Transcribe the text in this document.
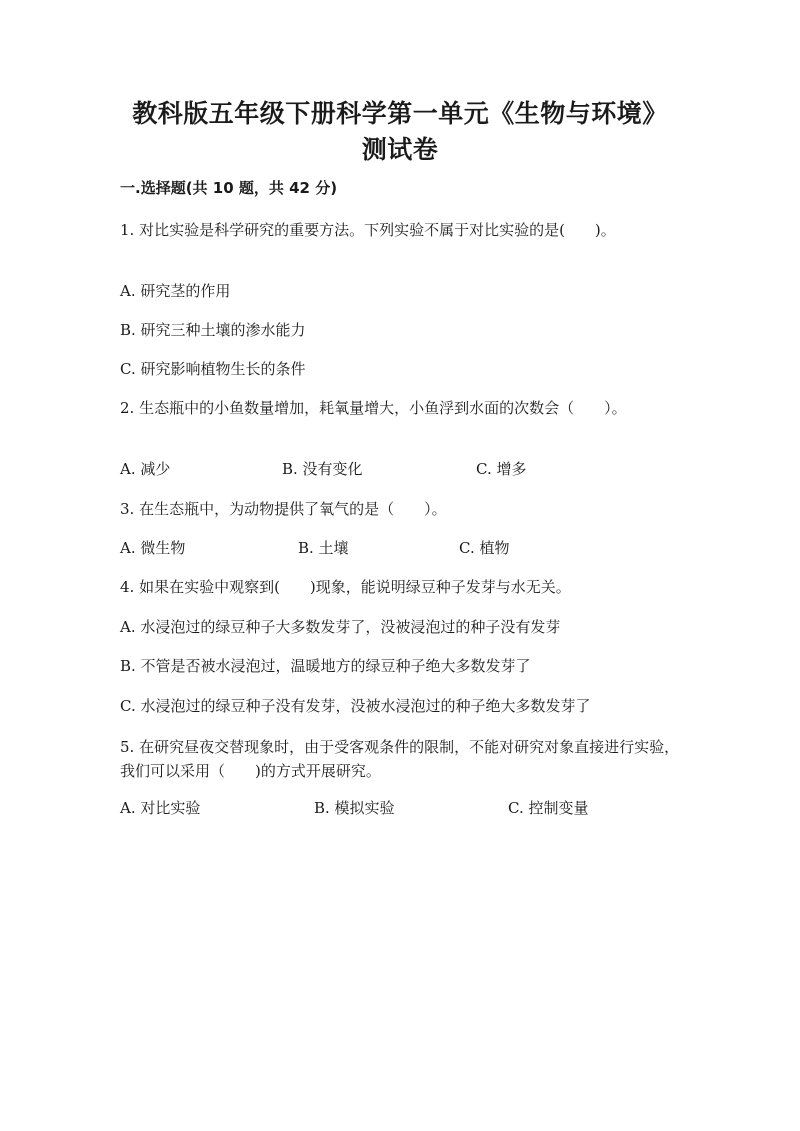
教科版五年级下册科学第一单元《生物与环境》测试卷
一.选择题(共 10 题，共 42 分)
1. 对比实验是科学研究的重要方法。下列实验不属于对比实验的是(　　)。
A. 研究茎的作用
B. 研究三种土壤的渗水能力
C. 研究影响植物生长的条件
2. 生态瓶中的小鱼数量增加，耗氧量增大，小鱼浮到水面的次数会（　　）。
A. 减少	B. 没有变化	C. 增多
3. 在生态瓶中，为动物提供了氧气的是（　　）。
A. 微生物	B. 土壤	C. 植物
4. 如果在实验中观察到(　　)现象，能说明绿豆种子发芽与水无关。
A. 水浸泡过的绿豆种子大多数发芽了，没被浸泡过的种子没有发芽
B. 不管是否被水浸泡过，温暖地方的绿豆种子绝大多数发芽了
C. 水浸泡过的绿豆种子没有发芽，没被水浸泡过的种子绝大多数发芽了
5. 在研究昼夜交替现象时，由于受客观条件的限制，不能对研究对象直接进行实验，我们可以采用（　　)的方式开展研究。
A. 对比实验	B. 模拟实验	C. 控制变量
